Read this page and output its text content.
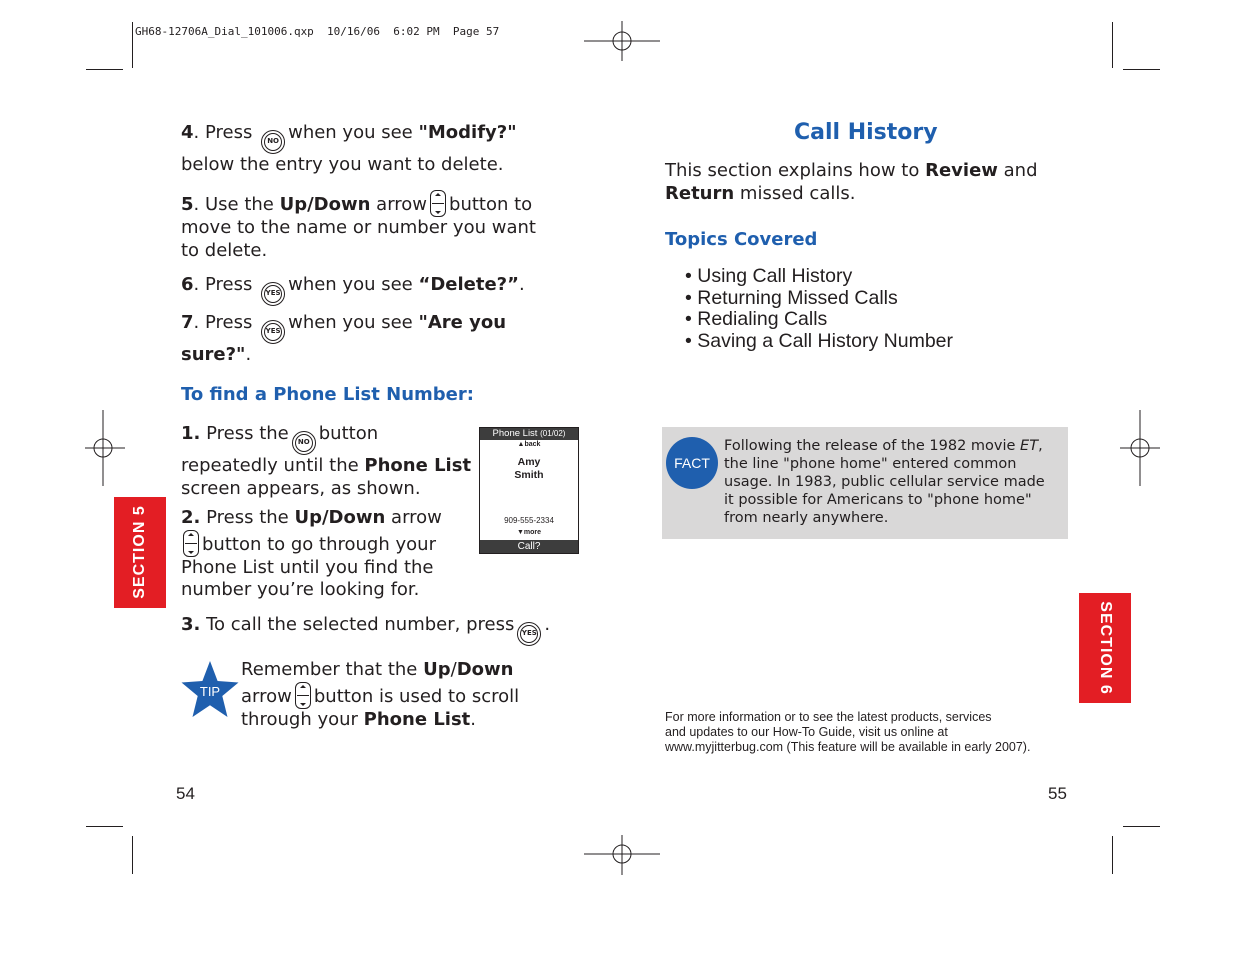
GH68-12706A_Dial_101006.qxp  10/16/06  6:02 PM  Page 57
4. Press NO when you see "Modify?"
below the entry you want to delete.
5. Use the Up/Down arrow button to
move to the name or number you want
to delete.
6. Press YES when you see “Delete?”.
7. Press YES when you see "Are you
sure?".
To find a Phone List Number:
1. Press the NO button
repeatedly until the Phone List
screen appears, as shown.
2. Press the Up/Down arrow

button to go through your
Phone List until you find the
number you’re looking for.
Phone List (01/02)
▲back
Amy
Smith
909-555-2334
▼more
Call?
3. To call the selected number, press YES .
TIP
Remember that the Up/Down
arrow button is used to scroll
through your Phone List.
SECTION 5
54
Call History
This section explains how to Review and
Return missed calls.
Topics Covered
• Using Call History
• Returning Missed Calls
• Redialing Calls
• Saving a Call History Number
FACT
Following the release of the 1982 movie ET,
the line "phone home" entered common
usage. In 1983, public cellular service made
it possible for Americans to "phone home"
from nearly anywhere.
SECTION 6
For more information or to see the latest products, services
and updates to our How-To Guide, visit us online at
www.myjitterbug.com (This feature will be available in early 2007).
55
